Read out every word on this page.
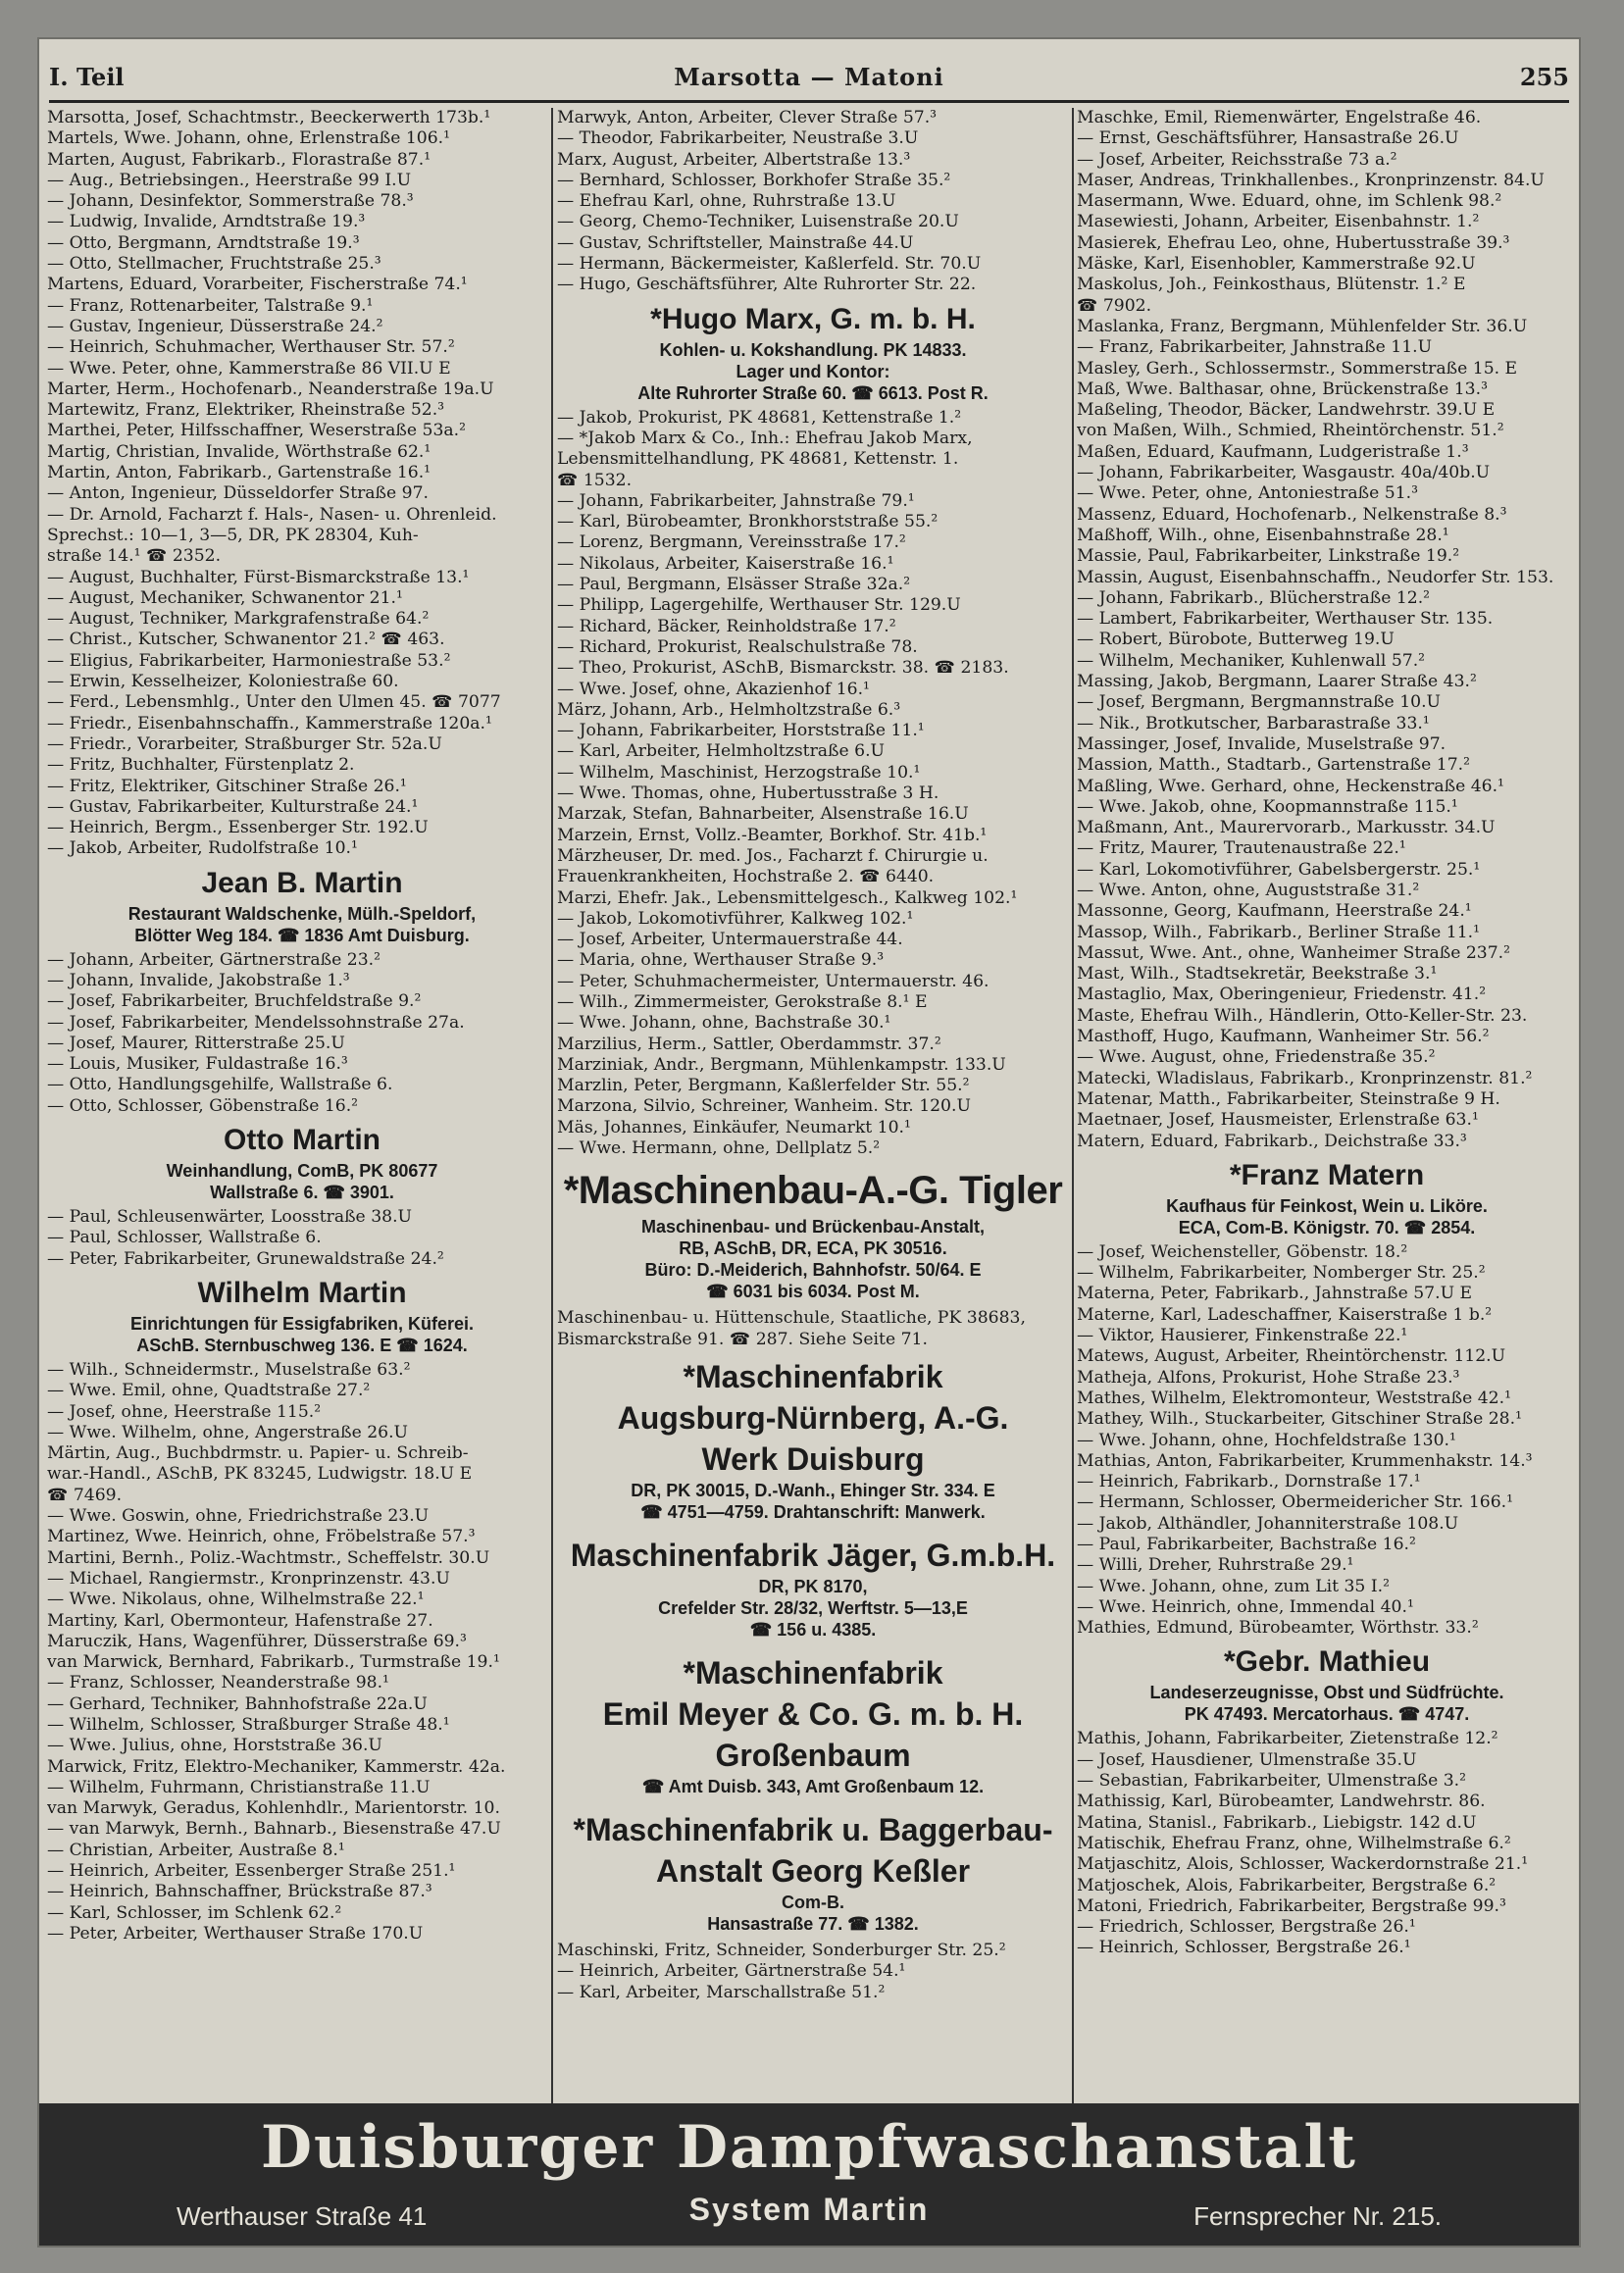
I. Teil	Marsotta — Matoni	255
Marsotta, Josef, Schachtmstr., Beeckerwerth 173b.¹
Martels, Wwe. Johann, ohne, Erlenstraße 106.¹
Marten, August, Fabrikarb., Florastraße 87.¹
— Aug., Betriebsingen., Heerstraße 99 I.U
— Johann, Desinfektor, Sommerstraße 78.³
— Ludwig, Invalide, Arndtstraße 19.³
— Otto, Bergmann, Arndtstraße 19.³
— Otto, Stellmacher, Fruchtstraße 25.³
Martens, Eduard, Vorarbeiter, Fischerstraße 74.¹
— Franz, Rottenarbeiter, Talstraße 9.¹
— Gustav, Ingenieur, Düsserstraße 24.²
— Heinrich, Schuhmacher, Werthauser Str. 57.²
— Wwe. Peter, ohne, Kammerstraße 86 VII.U E
Marter, Herm., Hochofenarb., Neanderstraße 19a.U
Martewitz, Franz, Elektriker, Rheinstraße 52.³
Marthei, Peter, Hilfsschaffner, Weserstraße 53a.²
Martig, Christian, Invalide, Wörthstraße 62.¹
Martin, Anton, Fabrikarb., Gartenstraße 16.¹
— Anton, Ingenieur, Düsseldorfer Straße 97.
— Dr. Arnold, Facharzt f. Hals-, Nasen- u. Ohrenleid.
Sprechst.: 10—1, 3—5, DR, PK 28304, Kuh-
straße 14.¹ ☎ 2352.
— August, Buchhalter, Fürst-Bismarckstraße 13.¹
— August, Mechaniker, Schwanentor 21.¹
— August, Techniker, Markgrafenstraße 64.²
— Christ., Kutscher, Schwanentor 21.² ☎ 463.
— Eligius, Fabrikarbeiter, Harmoniestraße 53.²
— Erwin, Kesselheizer, Koloniestraße 60.
— Ferd., Lebensmhlg., Unter den Ulmen 45. ☎ 7077
— Friedr., Eisenbahnschaffn., Kammerstraße 120a.¹
— Friedr., Vorarbeiter, Straßburger Str. 52a.U
— Fritz, Buchhalter, Fürstenplatz 2.
— Fritz, Elektriker, Gitschiner Straße 26.¹
— Gustav, Fabrikarbeiter, Kulturstraße 24.¹
— Heinrich, Bergm., Essenberger Str. 192.U
— Jakob, Arbeiter, Rudolfstraße 10.¹
Jean B. Martin
Restaurant Waldschenke, Mülh.-Speldorf,
Blötter Weg 184. ☎ 1836 Amt Duisburg.
— Johann, Arbeiter, Gärtnerstraße 23.²
— Johann, Invalide, Jakobstraße 1.³
— Josef, Fabrikarbeiter, Bruchfeldstraße 9.²
— Josef, Fabrikarbeiter, Mendelssohnstraße 27a.
— Josef, Maurer, Ritterstraße 25.U
— Louis, Musiker, Fuldastraße 16.³
— Otto, Handlungsgehilfe, Wallstraße 6.
— Otto, Schlosser, Göbenstraße 16.²
Otto Martin
Weinhandlung, ComB, PK 80677
Wallstraße 6. ☎ 3901.
— Paul, Schleusenwärter, Loosstraße 38.U
— Paul, Schlosser, Wallstraße 6.
— Peter, Fabrikarbeiter, Grunewaldstraße 24.²
Wilhelm Martin
Einrichtungen für Essigfabriken, Küferei.
ASchB. Sternbuschweg 136. E ☎ 1624.
— Wilh., Schneidermstr., Muselstraße 63.²
— Wwe. Emil, ohne, Quadtstraße 27.²
— Josef, ohne, Heerstraße 115.²
— Wwe. Wilhelm, ohne, Angerstraße 26.U
Märtin, Aug., Buchbdrmstr. u. Papier- u. Schreib-
war.-Handl., ASchB, PK 83245, Ludwigstr. 18.U E
☎ 7469.
— Wwe. Goswin, ohne, Friedrichstraße 23.U
Martinez, Wwe. Heinrich, ohne, Fröbelstraße 57.³
Martini, Bernh., Poliz.-Wachtmstr., Scheffelstr. 30.U
— Michael, Rangiermstr., Kronprinzenstr. 43.U
— Wwe. Nikolaus, ohne, Wilhelmstraße 22.¹
Martiny, Karl, Obermonteur, Hafenstraße 27.
Maruczik, Hans, Wagenführer, Düsserstraße 69.³
van Marwick, Bernhard, Fabrikarb., Turmstraße 19.¹
— Franz, Schlosser, Neanderstraße 98.¹
— Gerhard, Techniker, Bahnhofstraße 22a.U
— Wilhelm, Schlosser, Straßburger Straße 48.¹
— Wwe. Julius, ohne, Horststraße 36.U
Marwick, Fritz, Elektro-Mechaniker, Kammerstr. 42a.
— Wilhelm, Fuhrmann, Christianstraße 11.U
van Marwyk, Geradus, Kohlenhdlr., Marientorstr. 10.
— van Marwyk, Bernh., Bahnarb., Biesenstraße 47.U
— Christian, Arbeiter, Austraße 8.¹
— Heinrich, Arbeiter, Essenberger Straße 251.¹
— Heinrich, Bahnschaffner, Brückstraße 87.³
— Karl, Schlosser, im Schlenk 62.²
— Peter, Arbeiter, Werthauser Straße 170.U
Marwyk, Anton, Arbeiter, Clever Straße 57.³
— Theodor, Fabrikarbeiter, Neustraße 3.U
Marx, August, Arbeiter, Albertstraße 13.³
— Bernhard, Schlosser, Borkhofer Straße 35.²
— Ehefrau Karl, ohne, Ruhrstraße 13.U
— Georg, Chemo-Techniker, Luisenstraße 20.U
— Gustav, Schriftsteller, Mainstraße 44.U
— Hermann, Bäckermeister, Kaßlerfeld. Str. 70.U
— Hugo, Geschäftsführer, Alte Ruhrorter Str. 22.
*Hugo Marx, G. m. b. H.
Kohlen- u. Kokshandlung. PK 14833.
Lager und Kontor:
Alte Ruhrorter Straße 60. ☎ 6613. Post R.
— Jakob, Prokurist, PK 48681, Kettenstraße 1.²
— *Jakob Marx & Co., Inh.: Ehefrau Jakob Marx,
Lebensmittelhandlung, PK 48681, Kettenstr. 1.
☎ 1532.
— Johann, Fabrikarbeiter, Jahnstraße 79.¹
— Karl, Bürobeamter, Bronkhorststraße 55.²
— Lorenz, Bergmann, Vereinsstraße 17.²
— Nikolaus, Arbeiter, Kaiserstraße 16.¹
— Paul, Bergmann, Elsässer Straße 32a.²
— Philipp, Lagergehilfe, Werthauser Str. 129.U
— Richard, Bäcker, Reinholdstraße 17.²
— Richard, Prokurist, Realschulstraße 78.
— Theo, Prokurist, ASchB, Bismarckstr. 38. ☎ 2183.
— Wwe. Josef, ohne, Akazienhof 16.¹
März, Johann, Arb., Helmholtzstraße 6.³
— Johann, Fabrikarbeiter, Horststraße 11.¹
— Karl, Arbeiter, Helmholtzstraße 6.U
— Wilhelm, Maschinist, Herzogstraße 10.¹
— Wwe. Thomas, ohne, Hubertusstraße 3 H.
Marzak, Stefan, Bahnarbeiter, Alsenstraße 16.U
Marzein, Ernst, Vollz.-Beamter, Borkhof. Str. 41b.¹
Märzheuser, Dr. med. Jos., Facharzt f. Chirurgie u.
Frauenkrankheiten, Hochstraße 2. ☎ 6440.
Marzi, Ehefr. Jak., Lebensmittelgesch., Kalkweg 102.¹
— Jakob, Lokomotivführer, Kalkweg 102.¹
— Josef, Arbeiter, Untermauerstraße 44.
— Maria, ohne, Werthauser Straße 9.³
— Peter, Schuhmachermeister, Untermauerstr. 46.
— Wilh., Zimmermeister, Gerokstraße 8.¹ E
— Wwe. Johann, ohne, Bachstraße 30.¹
Marzilius, Herm., Sattler, Oberdammstr. 37.²
Marziniak, Andr., Bergmann, Mühlenkampstr. 133.U
Marzlin, Peter, Bergmann, Kaßlerfelder Str. 55.²
Marzona, Silvio, Schreiner, Wanheim. Str. 120.U
Mäs, Johannes, Einkäufer, Neumarkt 10.¹
— Wwe. Hermann, ohne, Dellplatz 5.²
*Maschinenbau-A.-G. Tigler
Maschinenbau- und Brückenbau-Anstalt,
RB, ASchB, DR, ECA, PK 30516.
Büro: D.-Meiderich, Bahnhofstr. 50/64. E
☎ 6031 bis 6034. Post M.
Maschinenbau- u. Hüttenschule, Staatliche, PK 38683,
Bismarckstraße 91. ☎ 287. Siehe Seite 71.
*Maschinenfabrik
Augsburg-Nürnberg, A.-G.
Werk Duisburg
DR, PK 30015, D.-Wanh., Ehinger Str. 334. E
☎ 4751—4759. Drahtanschrift: Manwerk.
Maschinenfabrik Jäger, G.m.b.H.
DR, PK 8170,
Crefelder Str. 28/32, Werftstr. 5—13,E
☎ 156 u. 4385.
*Maschinenfabrik
Emil Meyer & Co. G. m. b. H.
Großenbaum
☎ Amt Duisb. 343, Amt Großenbaum 12.
*Maschinenfabrik u. Baggerbau-
Anstalt Georg Keßler
Com-B.
Hansastraße 77. ☎ 1382.
Maschinski, Fritz, Schneider, Sonderburger Str. 25.²
— Heinrich, Arbeiter, Gärtnerstraße 54.¹
— Karl, Arbeiter, Marschallstraße 51.²
Maschke, Emil, Riemenwärter, Engelstraße 46.
— Ernst, Geschäftsführer, Hansastraße 26.U
— Josef, Arbeiter, Reichsstraße 73 a.²
Maser, Andreas, Trinkhallenbes., Kronprinzenstr. 84.U
Masermann, Wwe. Eduard, ohne, im Schlenk 98.²
Masewiesti, Johann, Arbeiter, Eisenbahnstr. 1.²
Masierek, Ehefrau Leo, ohne, Hubertusstraße 39.³
Mäske, Karl, Eisenhobler, Kammerstraße 92.U
Maskolus, Joh., Feinkosthaus, Blütenstr. 1.² E
☎ 7902.
Maslanka, Franz, Bergmann, Mühlenfelder Str. 36.U
— Franz, Fabrikarbeiter, Jahnstraße 11.U
Masley, Gerh., Schlossermstr., Sommerstraße 15. E
Maß, Wwe. Balthasar, ohne, Brückenstraße 13.³
Maßeling, Theodor, Bäcker, Landwehrstr. 39.U E
von Maßen, Wilh., Schmied, Rheintörchenstr. 51.²
Maßen, Eduard, Kaufmann, Ludgeristraße 1.³
— Johann, Fabrikarbeiter, Wasgaustr. 40a/40b.U
— Wwe. Peter, ohne, Antoniestraße 51.³
Massenz, Eduard, Hochofenarb., Nelkenstraße 8.³
Maßhoff, Wilh., ohne, Eisenbahnstraße 28.¹
Massie, Paul, Fabrikarbeiter, Linkstraße 19.²
Massin, August, Eisenbahnschaffn., Neudorfer Str. 153.
— Johann, Fabrikarb., Blücherstraße 12.²
— Lambert, Fabrikarbeiter, Werthauser Str. 135.
— Robert, Bürobote, Butterweg 19.U
— Wilhelm, Mechaniker, Kuhlenwall 57.²
Massing, Jakob, Bergmann, Laarer Straße 43.²
— Josef, Bergmann, Bergmannstraße 10.U
— Nik., Brotkutscher, Barbarastraße 33.¹
Massinger, Josef, Invalide, Muselstraße 97.
Massion, Matth., Stadtarb., Gartenstraße 17.²
Maßling, Wwe. Gerhard, ohne, Heckenstraße 46.¹
— Wwe. Jakob, ohne, Koopmannstraße 115.¹
Maßmann, Ant., Maurervorarb., Markusstr. 34.U
— Fritz, Maurer, Trautenaustraße 22.¹
— Karl, Lokomotivführer, Gabelsbergerstr. 25.¹
— Wwe. Anton, ohne, Auguststraße 31.²
Massonne, Georg, Kaufmann, Heerstraße 24.¹
Massop, Wilh., Fabrikarb., Berliner Straße 11.¹
Massut, Wwe. Ant., ohne, Wanheimer Straße 237.²
Mast, Wilh., Stadtsekretär, Beekstraße 3.¹
Mastaglio, Max, Oberingenieur, Friedenstr. 41.²
Maste, Ehefrau Wilh., Händlerin, Otto-Keller-Str. 23.
Masthoff, Hugo, Kaufmann, Wanheimer Str. 56.²
— Wwe. August, ohne, Friedenstraße 35.²
Matecki, Wladislaus, Fabrikarb., Kronprinzenstr. 81.²
Matenar, Matth., Fabrikarbeiter, Steinstraße 9 H.
Maetnaer, Josef, Hausmeister, Erlenstraße 63.¹
Matern, Eduard, Fabrikarb., Deichstraße 33.³
*Franz Matern
Kaufhaus für Feinkost, Wein u. Liköre.
ECA, Com-B. Königstr. 70. ☎ 2854.
— Josef, Weichensteller, Göbenstr. 18.²
— Wilhelm, Fabrikarbeiter, Nomberger Str. 25.²
Materna, Peter, Fabrikarb., Jahnstraße 57.U E
Materne, Karl, Ladeschaffner, Kaiserstraße 1 b.²
— Viktor, Hausierer, Finkenstraße 22.¹
Matews, August, Arbeiter, Rheintörchenstr. 112.U
Matheja, Alfons, Prokurist, Hohe Straße 23.³
Mathes, Wilhelm, Elektromonteur, Weststraße 42.¹
Mathey, Wilh., Stuckarbeiter, Gitschiner Straße 28.¹
— Wwe. Johann, ohne, Hochfeldstraße 130.¹
Mathias, Anton, Fabrikarbeiter, Krummenhakstr. 14.³
— Heinrich, Fabrikarb., Dornstraße 17.¹
— Hermann, Schlosser, Obermeidericher Str. 166.¹
— Jakob, Althändler, Johanniterstraße 108.U
— Paul, Fabrikarbeiter, Bachstraße 16.²
— Willi, Dreher, Ruhrstraße 29.¹
— Wwe. Johann, ohne, zum Lit 35 I.²
— Wwe. Heinrich, ohne, Immendal 40.¹
Mathies, Edmund, Bürobeamter, Wörthstr. 33.²
*Gebr. Mathieu
Landeserzeugnisse, Obst und Südfrüchte.
PK 47493. Mercatorhaus. ☎ 4747.
Mathis, Johann, Fabrikarbeiter, Zietenstraße 12.²
— Josef, Hausdiener, Ulmenstraße 35.U
— Sebastian, Fabrikarbeiter, Ulmenstraße 3.²
Mathissig, Karl, Bürobeamter, Landwehrstr. 86.
Matina, Stanisl., Fabrikarb., Liebigstr. 142 d.U
Matischik, Ehefrau Franz, ohne, Wilhelmstraße 6.²
Matjaschitz, Alois, Schlosser, Wackerdornstraße 21.¹
Matjoschek, Alois, Fabrikarbeiter, Bergstraße 6.²
Matoni, Friedrich, Fabrikarbeiter, Bergstraße 99.³
— Friedrich, Schlosser, Bergstraße 26.¹
— Heinrich, Schlosser, Bergstraße 26.¹
Duisburger Dampfwaschanstalt
Werthauser Straße 41	System Martin	Fernsprecher Nr. 215.
